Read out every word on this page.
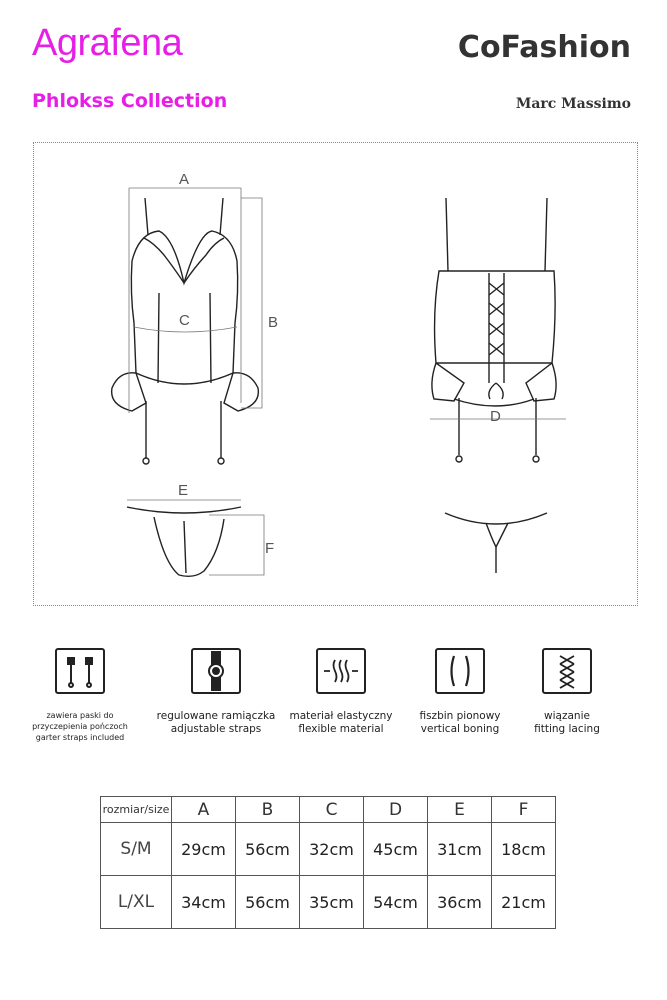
Agrafena
Phlokss Collection
CoFashion
Marc Massimo
A
B
C
D
E
F
zawiera paski do
przyczepienia pończoch
garter straps included
regulowane ramiączka
adjustable straps
materiał elastyczny
flexible material
fiszbin pionowy
vertical boning
wiązanie
fitting lacing
rozmiar/size	A	B	C	D	E	F
S/M	29cm	56cm	32cm	45cm	31cm	18cm
L/XL	34cm	56cm	35cm	54cm	36cm	21cm
